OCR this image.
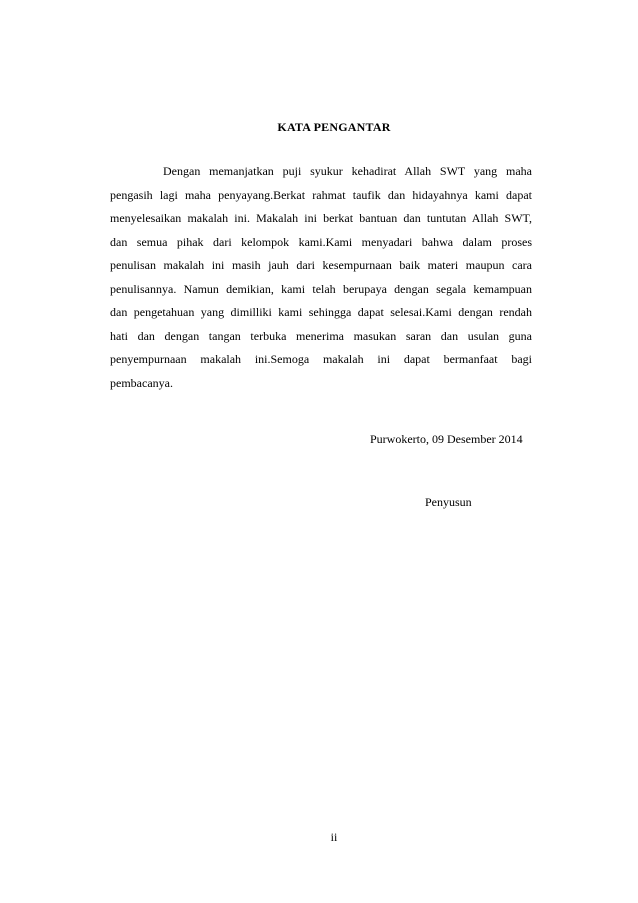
KATA PENGANTAR
Dengan memanjatkan puji syukur kehadirat Allah SWT yang maha
pengasih lagi maha penyayang.Berkat rahmat taufik dan hidayahnya kami dapat
menyelesaikan makalah ini. Makalah ini berkat bantuan dan tuntutan Allah SWT,
dan semua pihak dari kelompok kami.Kami menyadari bahwa dalam proses
penulisan makalah ini masih jauh dari kesempurnaan baik materi maupun cara
penulisannya. Namun demikian, kami telah berupaya dengan segala kemampuan
dan pengetahuan yang dimilliki kami sehingga dapat selesai.Kami dengan rendah
hati dan dengan tangan terbuka menerima masukan saran dan usulan guna
penyempurnaan makalah ini.Semoga makalah ini dapat bermanfaat bagi
pembacanya.
Purwokerto, 09 Desember 2014
Penyusun
ii
